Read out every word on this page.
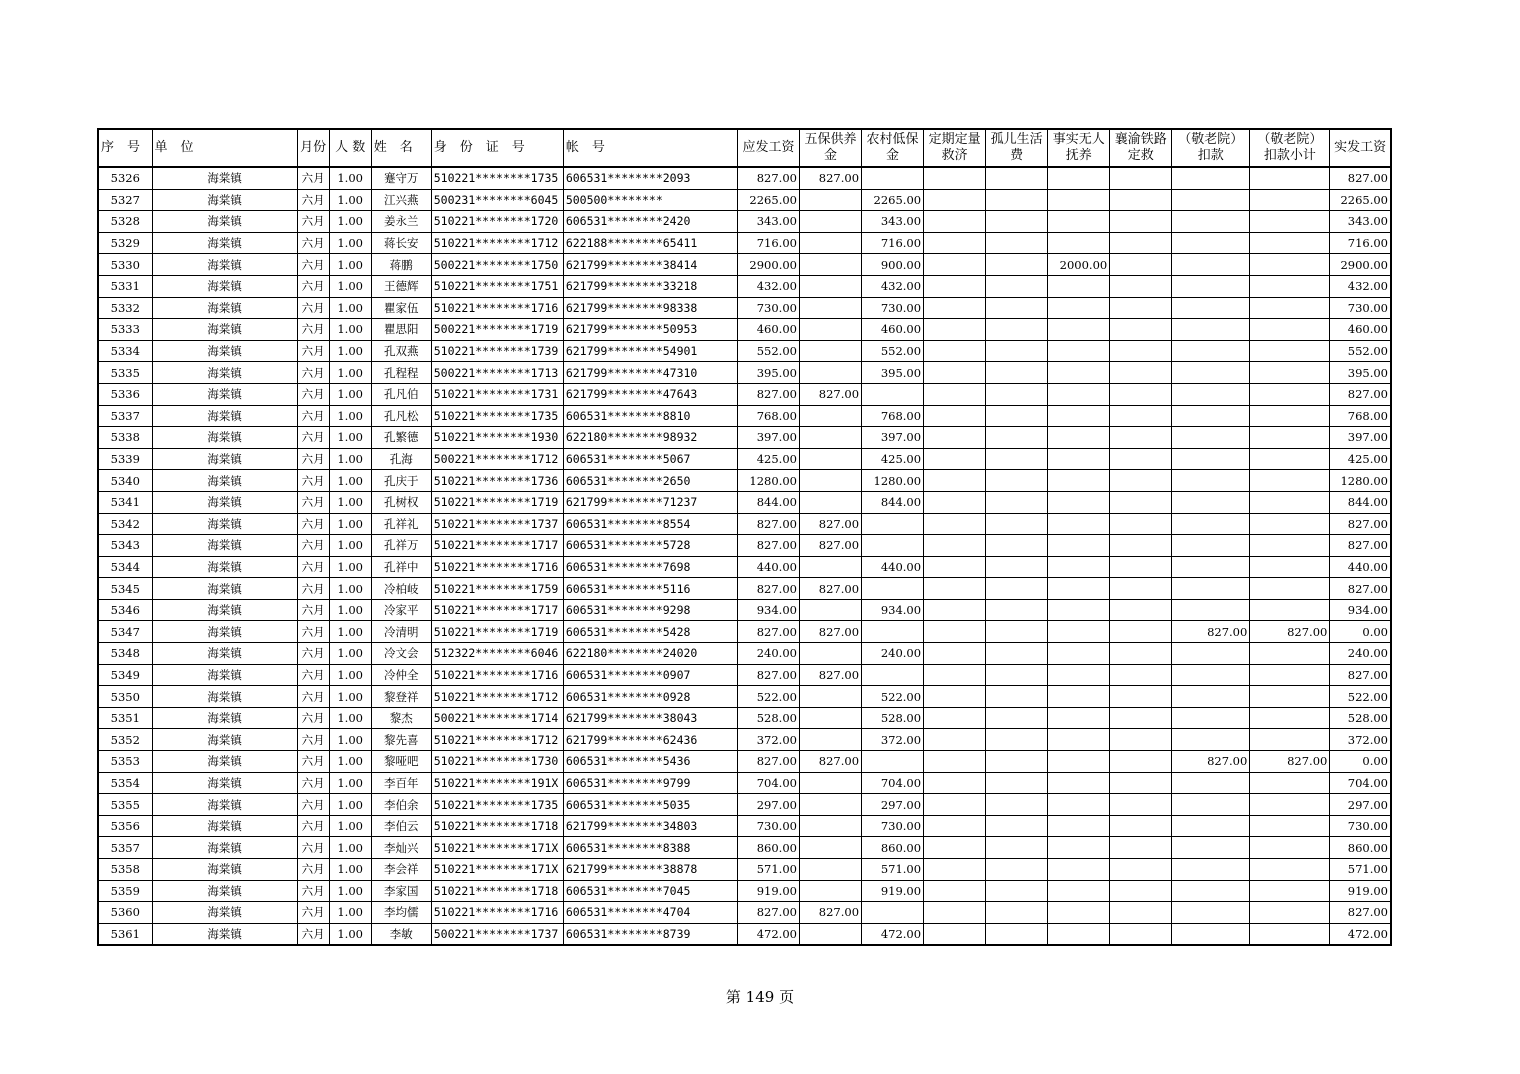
序　号	单　位	月份	人 数	姓　名	身　份　证　号	帐　号	应发工资	五保供养金	农村低保金	定期定量救济	孤儿生活费	事实无人抚养	襄渝铁路定救	（敬老院）扣款	（敬老院）扣款小计	实发工资
5326	海棠镇	六月	1.00	蹇守万	510221********1735	606531********2093	827.00	827.00								827.00
5327	海棠镇	六月	1.00	江兴燕	500231********6045	500500********	2265.00		2265.00							2265.00
5328	海棠镇	六月	1.00	姜永兰	510221********1720	606531********2420	343.00		343.00							343.00
5329	海棠镇	六月	1.00	蒋长安	510221********1712	622188********65411	716.00		716.00							716.00
5330	海棠镇	六月	1.00	蒋鹏	500221********1750	621799********38414	2900.00		900.00			2000.00				2900.00
5331	海棠镇	六月	1.00	王德辉	510221********1751	621799********33218	432.00		432.00							432.00
5332	海棠镇	六月	1.00	瞿家伍	510221********1716	621799********98338	730.00		730.00							730.00
5333	海棠镇	六月	1.00	瞿思阳	500221********1719	621799********50953	460.00		460.00							460.00
5334	海棠镇	六月	1.00	孔双燕	510221********1739	621799********54901	552.00		552.00							552.00
5335	海棠镇	六月	1.00	孔程程	500221********1713	621799********47310	395.00		395.00							395.00
5336	海棠镇	六月	1.00	孔凡伯	510221********1731	621799********47643	827.00	827.00								827.00
5337	海棠镇	六月	1.00	孔凡松	510221********1735	606531********8810	768.00		768.00							768.00
5338	海棠镇	六月	1.00	孔繁德	510221********1930	622180********98932	397.00		397.00							397.00
5339	海棠镇	六月	1.00	孔海	500221********1712	606531********5067	425.00		425.00							425.00
5340	海棠镇	六月	1.00	孔庆于	510221********1736	606531********2650	1280.00		1280.00							1280.00
5341	海棠镇	六月	1.00	孔树权	510221********1719	621799********71237	844.00		844.00							844.00
5342	海棠镇	六月	1.00	孔祥礼	510221********1737	606531********8554	827.00	827.00								827.00
5343	海棠镇	六月	1.00	孔祥万	510221********1717	606531********5728	827.00	827.00								827.00
5344	海棠镇	六月	1.00	孔祥中	510221********1716	606531********7698	440.00		440.00							440.00
5345	海棠镇	六月	1.00	冷柏岐	510221********1759	606531********5116	827.00	827.00								827.00
5346	海棠镇	六月	1.00	冷家平	510221********1717	606531********9298	934.00		934.00							934.00
5347	海棠镇	六月	1.00	冷清明	510221********1719	606531********5428	827.00	827.00						827.00	827.00	0.00
5348	海棠镇	六月	1.00	冷文会	512322********6046	622180********24020	240.00		240.00							240.00
5349	海棠镇	六月	1.00	冷仲全	510221********1716	606531********0907	827.00	827.00								827.00
5350	海棠镇	六月	1.00	黎登祥	510221********1712	606531********0928	522.00		522.00							522.00
5351	海棠镇	六月	1.00	黎杰	500221********1714	621799********38043	528.00		528.00							528.00
5352	海棠镇	六月	1.00	黎先喜	510221********1712	621799********62436	372.00		372.00							372.00
5353	海棠镇	六月	1.00	黎哑吧	510221********1730	606531********5436	827.00	827.00						827.00	827.00	0.00
5354	海棠镇	六月	1.00	李百年	510221********191X	606531********9799	704.00		704.00							704.00
5355	海棠镇	六月	1.00	李伯余	510221********1735	606531********5035	297.00		297.00							297.00
5356	海棠镇	六月	1.00	李伯云	510221********1718	621799********34803	730.00		730.00							730.00
5357	海棠镇	六月	1.00	李灿兴	510221********171X	606531********8388	860.00		860.00							860.00
5358	海棠镇	六月	1.00	李会祥	510221********171X	621799********38878	571.00		571.00							571.00
5359	海棠镇	六月	1.00	李家国	510221********1718	606531********7045	919.00		919.00							919.00
5360	海棠镇	六月	1.00	李均儒	510221********1716	606531********4704	827.00	827.00								827.00
5361	海棠镇	六月	1.00	李敏	500221********1737	606531********8739	472.00		472.00							472.00
第 149 页
